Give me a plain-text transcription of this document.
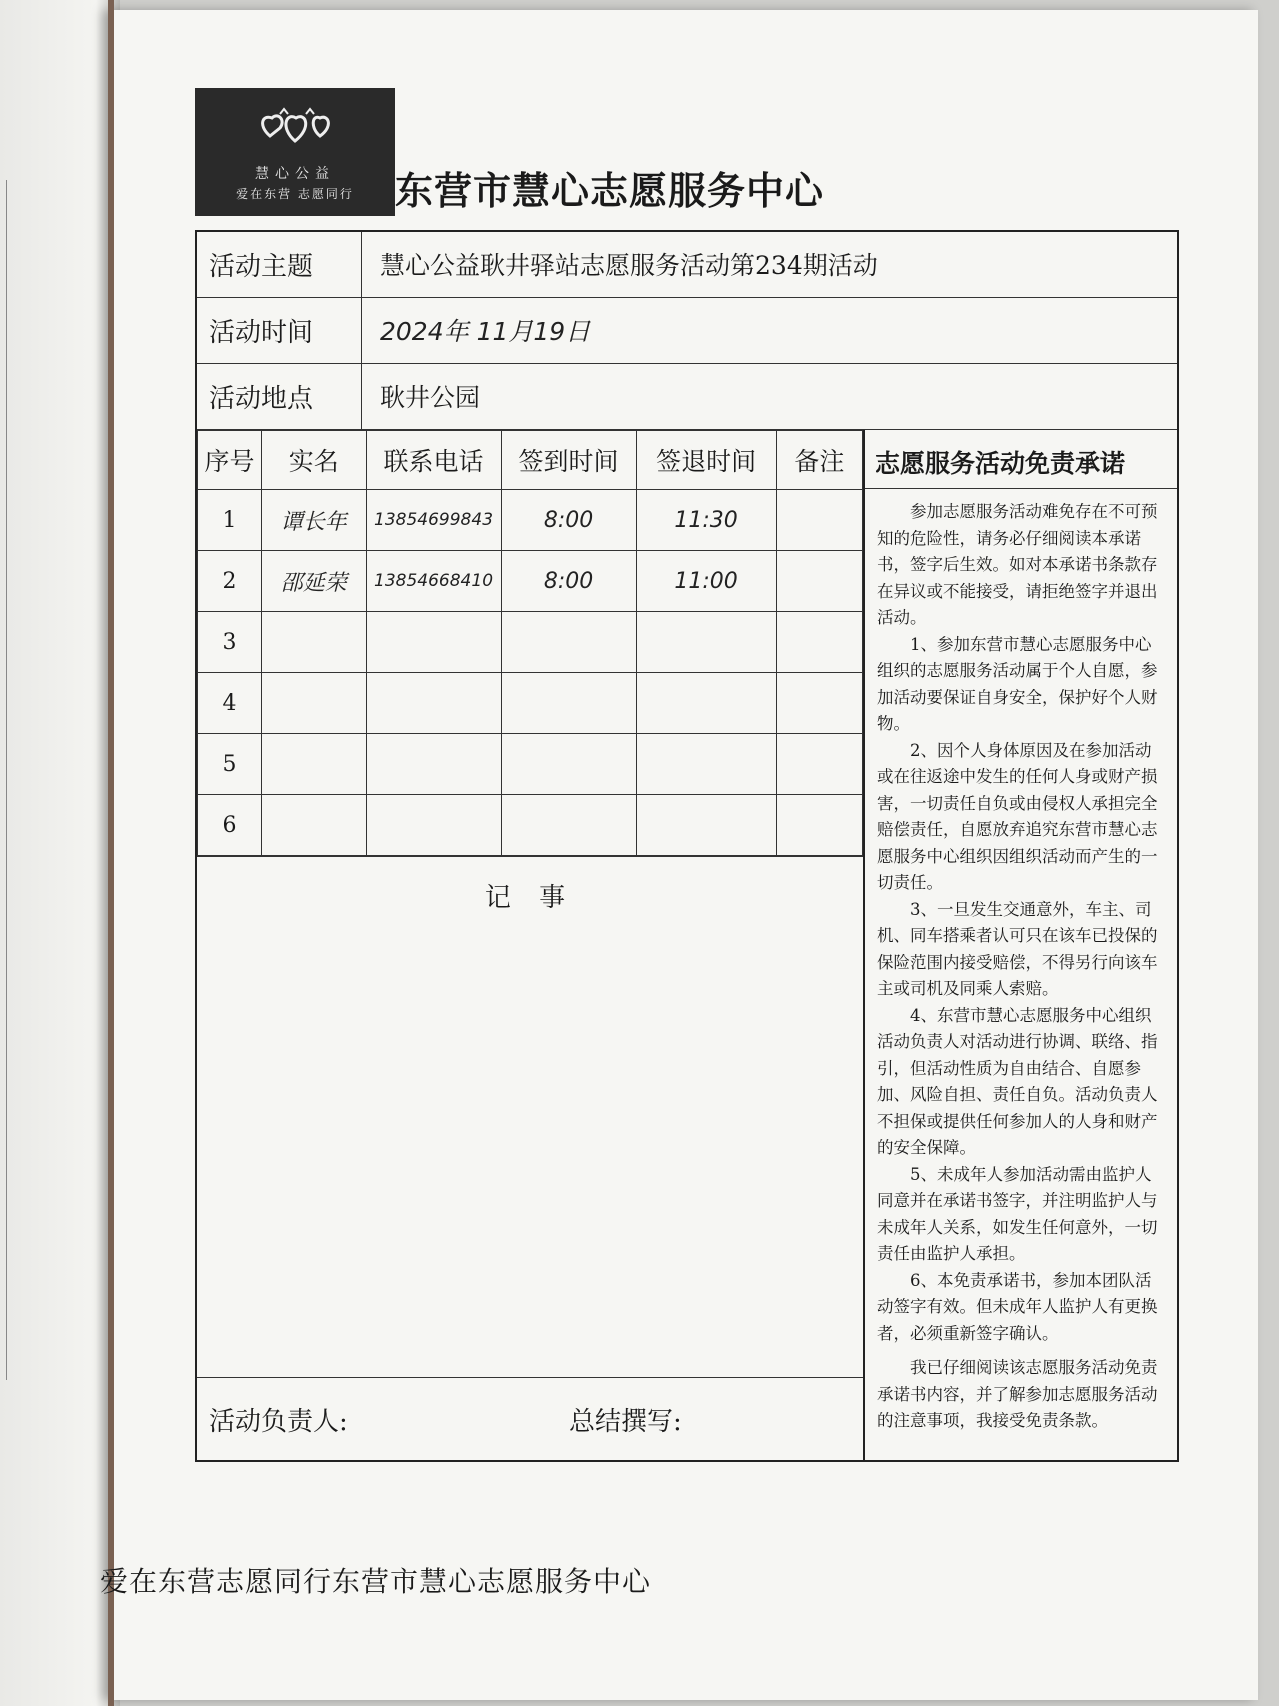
慧心公益
爱在东营 志愿同行	东营市慧心志愿服务中心
活动主题	慧心公益耿井驿站志愿服务活动第234期活动
活动时间	2024年 11月19日
活动地点	耿井公园
序号	实名	联系电话	签到时间	签退时间	备注
1	谭长年	13854699843	8:00	11:30	
2	邵延荣	13854668410	8:00	11:00	
3					
4					
5					
6					
记 事
活动负责人:	总结撰写:
志愿服务活动免责承诺

参加志愿服务活动难免存在不可预知的危险性，请务必仔细阅读本承诺书，签字后生效。如对本承诺书条款存在异议或不能接受，请拒绝签字并退出活动。

1、参加东营市慧心志愿服务中心组织的志愿服务活动属于个人自愿，参加活动要保证自身安全，保护好个人财物。

2、因个人身体原因及在参加活动或在往返途中发生的任何人身或财产损害，一切责任自负或由侵权人承担完全赔偿责任，自愿放弃追究东营市慧心志愿服务中心组织因组织活动而产生的一切责任。

3、一旦发生交通意外，车主、司机、同车搭乘者认可只在该车已投保的保险范围内接受赔偿，不得另行向该车主或司机及同乘人索赔。

4、东营市慧心志愿服务中心组织活动负责人对活动进行协调、联络、指引，但活动性质为自由结合、自愿参加、风险自担、责任自负。活动负责人不担保或提供任何参加人的人身和财产的安全保障。

5、未成年人参加活动需由监护人同意并在承诺书签字，并注明监护人与未成年人关系，如发生任何意外，一切责任由监护人承担。

6、本免责承诺书，参加本团队活动签字有效。但未成年人监护人有更换者，必须重新签字确认。

我已仔细阅读该志愿服务活动免责承诺书内容，并了解参加志愿服务活动的注意事项，我接受免责条款。

爱在东营志愿同行东营市慧心志愿服务中心
